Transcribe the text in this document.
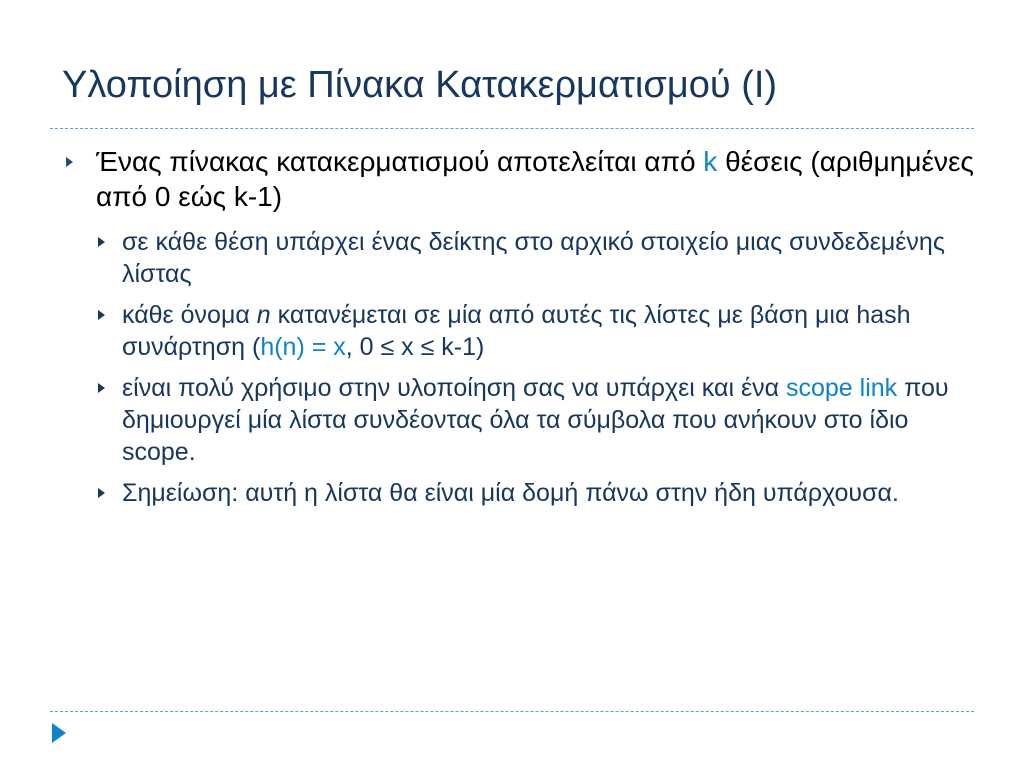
Υλοποίηση με Πίνακα Κατακερματισμού (Ι)

Ένας πίνακας κατακερματισμού αποτελείται από k θέσεις (αριθμημένες από 0 εώς k-1)

σε κάθε θέση υπάρχει ένας δείκτης στο αρχικό στοιχείο μιας συνδεδεμένης λίστας

κάθε όνομα n κατανέμεται σε μία από αυτές τις λίστες με βάση μια hash συνάρτηση (h(n) = x, 0 ≤ x ≤ k-1)

είναι πολύ χρήσιμο στην υλοποίηση σας να υπάρχει και ένα scope link που δημιουργεί μία λίστα συνδέοντας όλα τα σύμβολα που ανήκουν στο ίδιο scope.

Σημείωση: αυτή η λίστα θα είναι μία δομή πάνω στην ήδη υπάρχουσα.
